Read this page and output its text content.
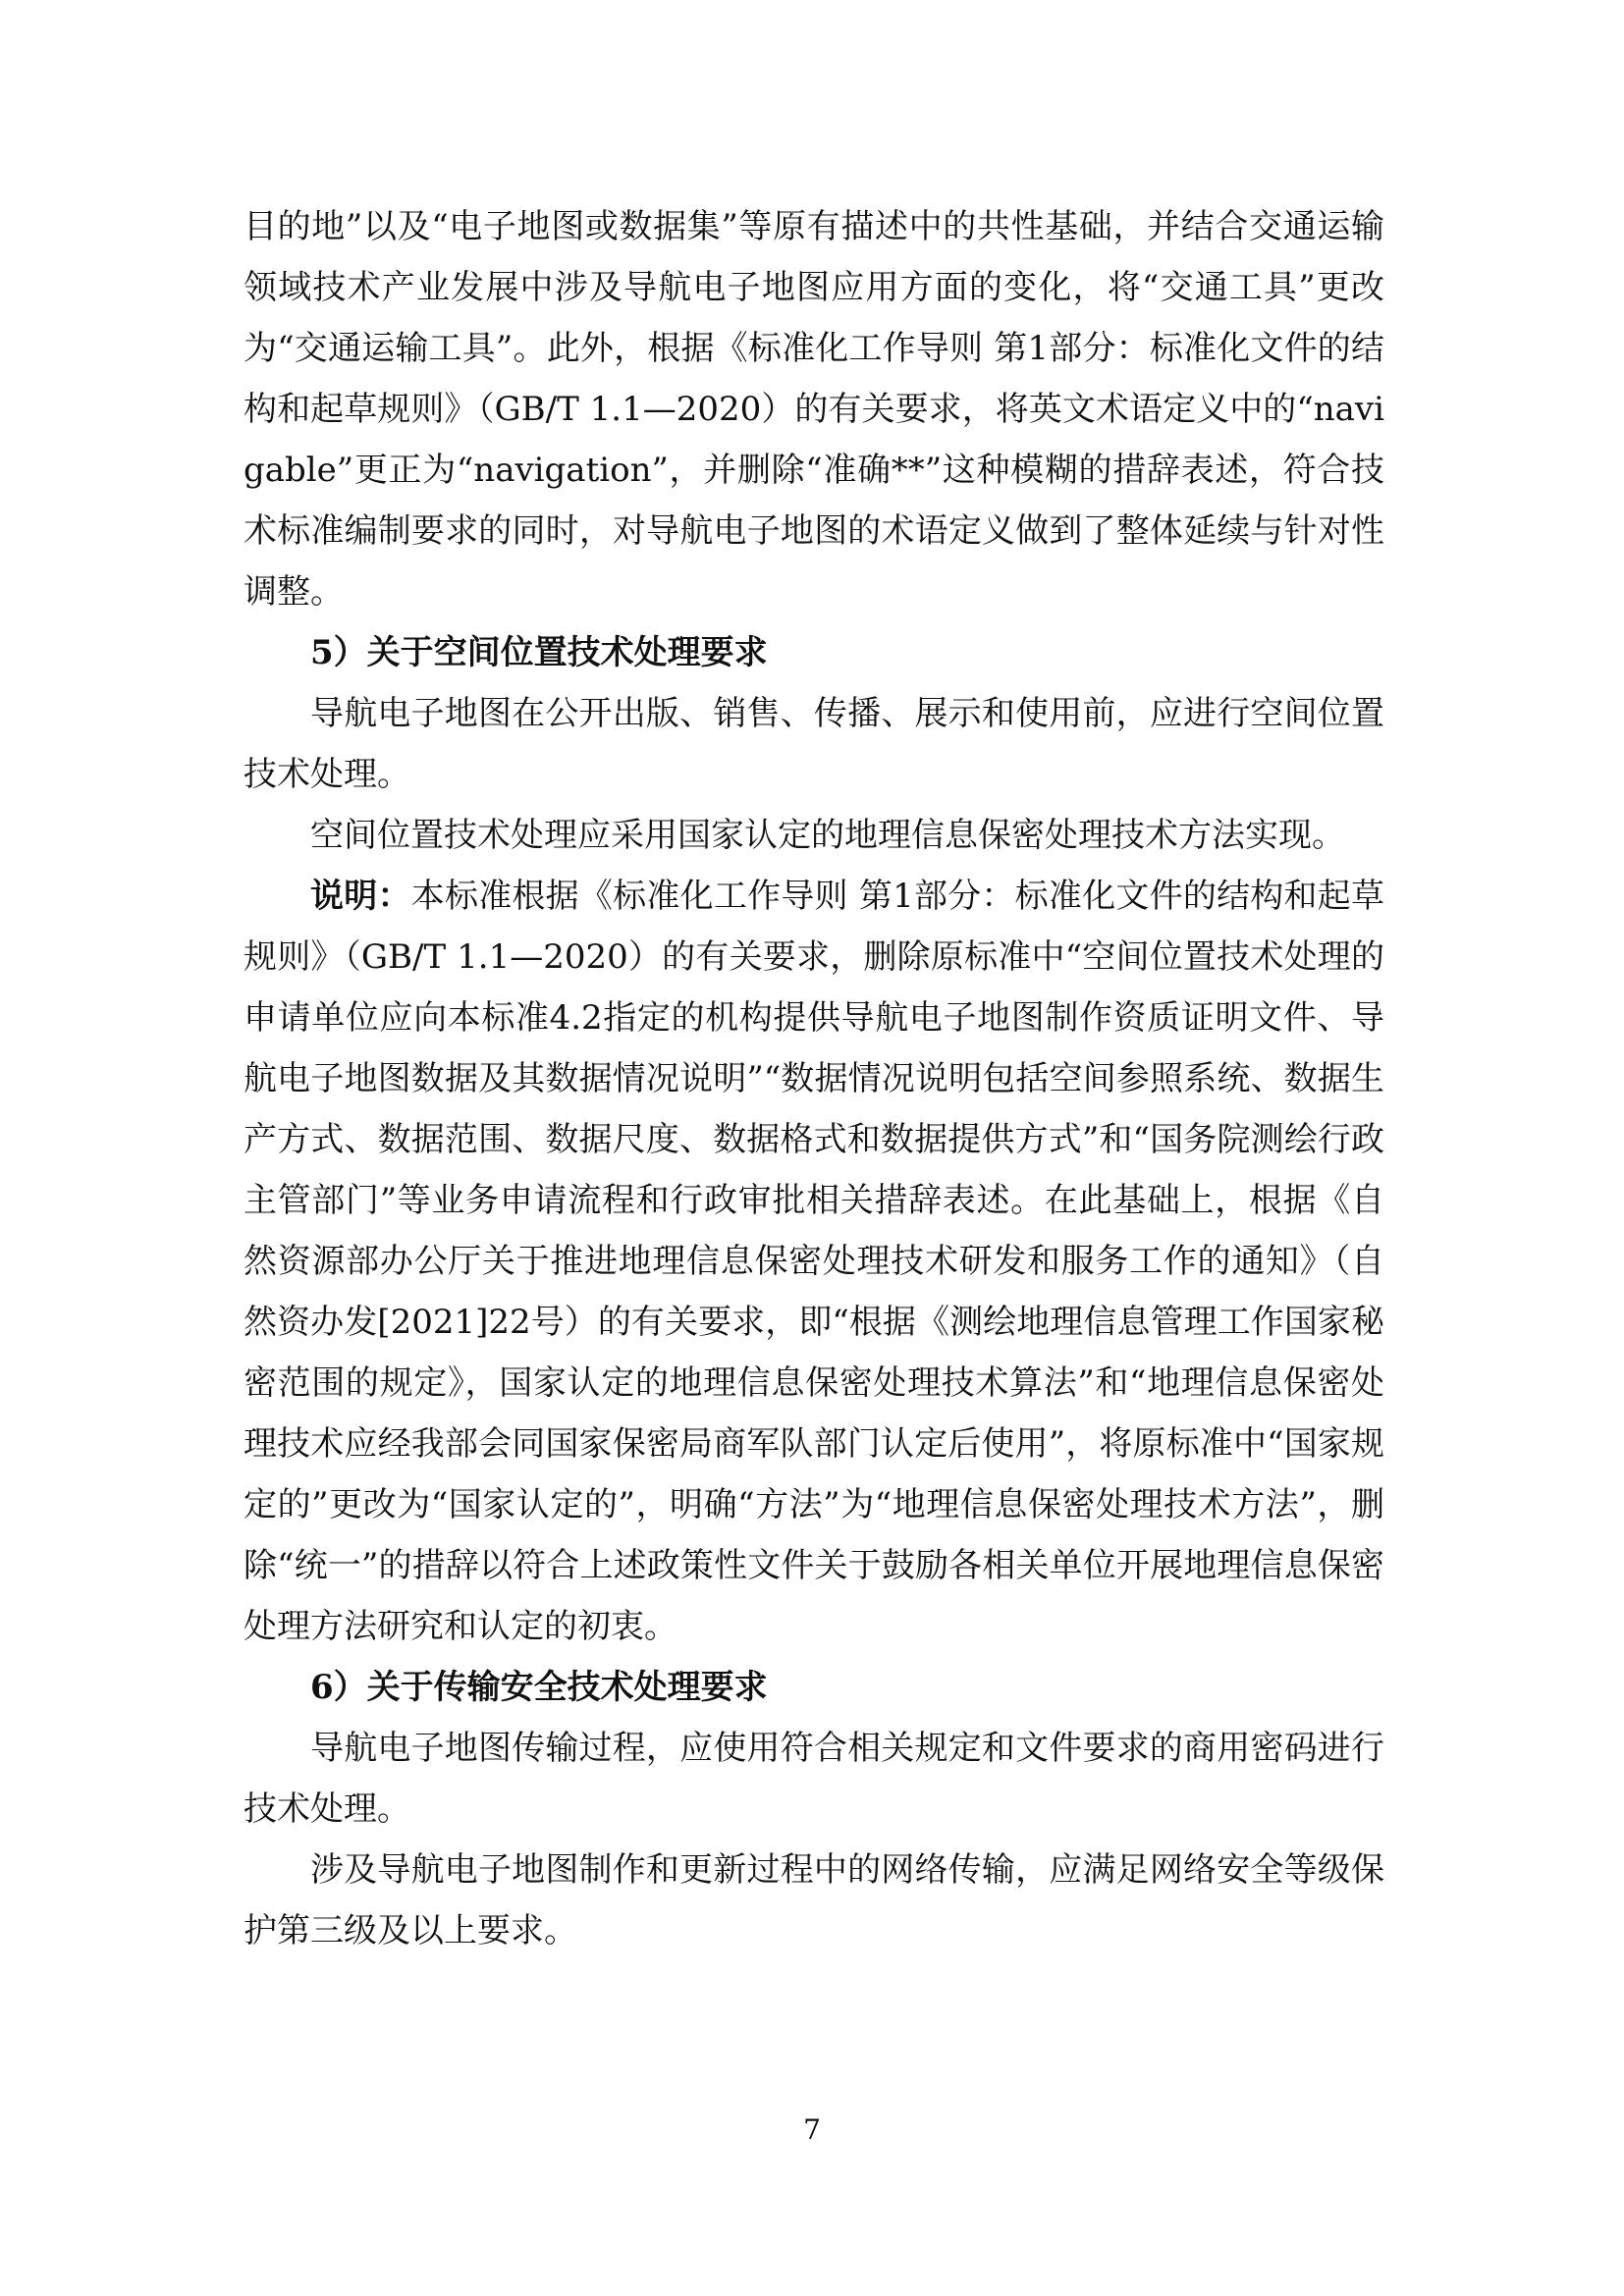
目的地”以及“电子地图或数据集”等原有描述中的共性基础，并结合交通运输领域技术产业发展中涉及导航电子地图应用方面的变化，将“交通工具”更改为“交通运输工具”。此外，根据《标准化工作导则 第1部分：标准化文件的结构和起草规则》（GB/T 1.1—2020）的有关要求，将英文术语定义中的“navigable”更正为“navigation”，并删除“准确**”这种模糊的措辞表述，符合技术标准编制要求的同时，对导航电子地图的术语定义做到了整体延续与针对性调整。

5）关于空间位置技术处理要求

导航电子地图在公开出版、销售、传播、展示和使用前，应进行空间位置技术处理。

空间位置技术处理应采用国家认定的地理信息保密处理技术方法实现。

说明：本标准根据《标准化工作导则 第1部分：标准化文件的结构和起草规则》（GB/T 1.1—2020）的有关要求，删除原标准中“空间位置技术处理的申请单位应向本标准4.2指定的机构提供导航电子地图制作资质证明文件、导航电子地图数据及其数据情况说明”“数据情况说明包括空间参照系统、数据生产方式、数据范围、数据尺度、数据格式和数据提供方式”和“国务院测绘行政主管部门”等业务申请流程和行政审批相关措辞表述。在此基础上，根据《自然资源部办公厅关于推进地理信息保密处理技术研发和服务工作的通知》（自然资办发[2021]22号）的有关要求，即“根据《测绘地理信息管理工作国家秘密范围的规定》，国家认定的地理信息保密处理技术算法”和“地理信息保密处理技术应经我部会同国家保密局商军队部门认定后使用”，将原标准中“国家规定的”更改为“国家认定的”，明确“方法”为“地理信息保密处理技术方法”，删除“统一”的措辞以符合上述政策性文件关于鼓励各相关单位开展地理信息保密处理方法研究和认定的初衷。

6）关于传输安全技术处理要求

导航电子地图传输过程，应使用符合相关规定和文件要求的商用密码进行技术处理。

涉及导航电子地图制作和更新过程中的网络传输，应满足网络安全等级保护第三级及以上要求。

7
